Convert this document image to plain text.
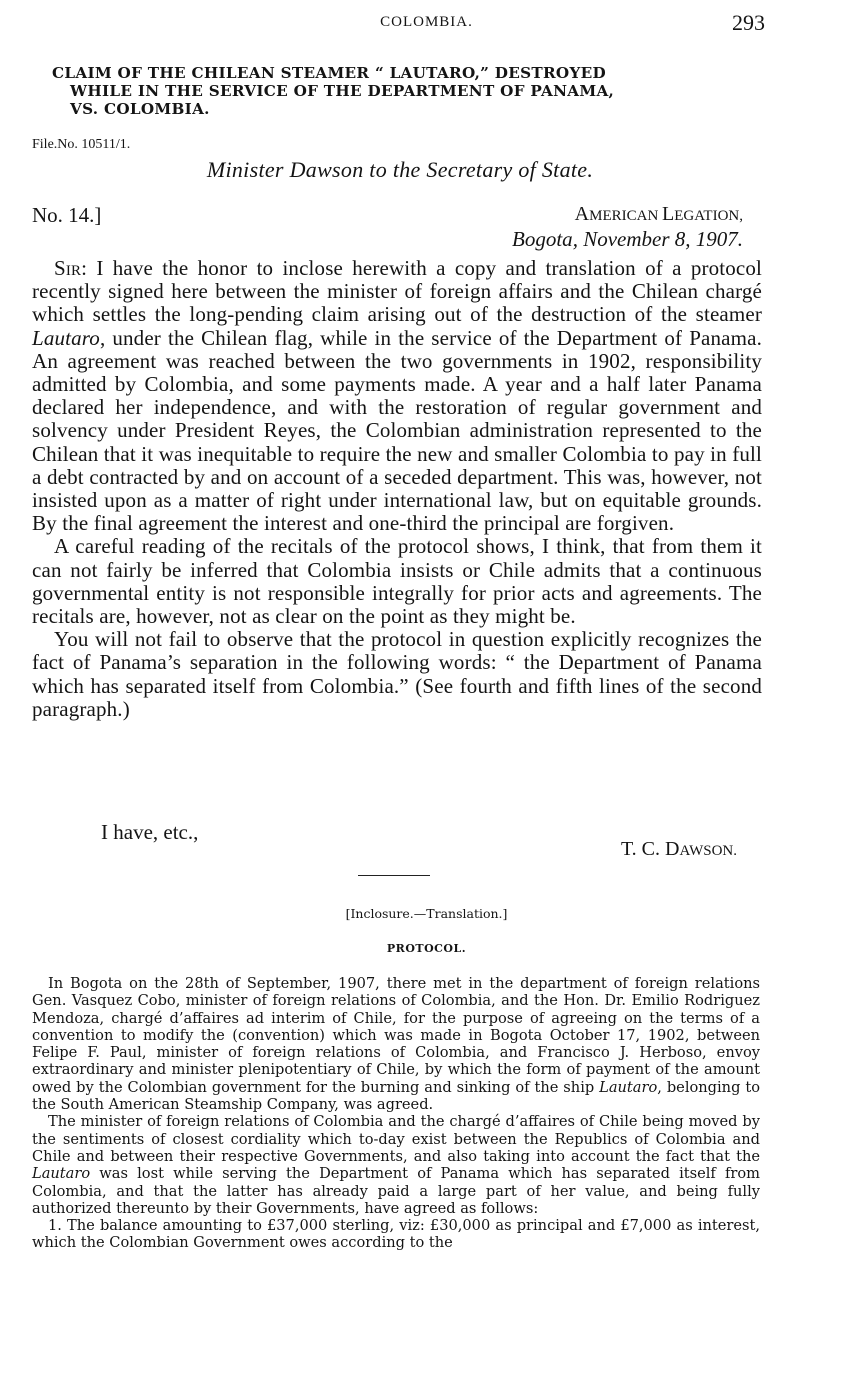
COLOMBIA.	293
CLAIM OF THE CHILEAN STEAMER “ LAUTARO,” DESTROYED
WHILE IN THE SERVICE OF THE DEPARTMENT OF PANAMA,
VS. COLOMBIA.
File.No. 10511/1.
Minister Dawson to the Secretary of State.
No. 14.]	AMERICAN LEGATION,
Bogota, November 8, 1907.

Sir: I have the honor to inclose herewith a copy and translation of a protocol recently signed here between the minister of foreign affairs and the Chilean chargé which settles the long-pending claim arising out of the destruction of the steamer Lautaro, under the Chilean flag, while in the service of the Department of Panama. An agreement was reached between the two governments in 1902, responsibility admitted by Colombia, and some payments made. A year and a half later Panama declared her independence, and with the restoration of regular government and solvency under President Reyes, the Colombian administration represented to the Chilean that it was inequitable to require the new and smaller Colombia to pay in full a debt contracted by and on account of a seceded department. This was, however, not insisted upon as a matter of right under international law, but on equitable grounds. By the final agreement the interest and one-third the principal are forgiven.

A careful reading of the recitals of the protocol shows, I think, that from them it can not fairly be inferred that Colombia insists or Chile admits that a continuous governmental entity is not responsible integrally for prior acts and agreements. The recitals are, however, not as clear on the point as they might be.

You will not fail to observe that the protocol in question explicitly recognizes the fact of Panama’s separation in the following words: “ the Department of Panama which has separated itself from Colombia.” (See fourth and fifth lines of the second paragraph.)

I have, etc.,
T. C. DAWSON.
[Inclosure.—Translation.]
PROTOCOL.

In Bogota on the 28th of September, 1907, there met in the department of foreign relations Gen. Vasquez Cobo, minister of foreign relations of Colombia, and the Hon. Dr. Emilio Rodriguez Mendoza, chargé d’affaires ad interim of Chile, for the purpose of agreeing on the terms of a convention to modify the (convention) which was made in Bogota October 17, 1902, between Felipe F. Paul, minister of foreign relations of Colombia, and Francisco J. Herboso, envoy extraordinary and minister plenipotentiary of Chile, by which the form of payment of the amount owed by the Colombian government for the burning and sinking of the ship Lautaro, belonging to the South American Steamship Company, was agreed.

The minister of foreign relations of Colombia and the chargé d’affaires of Chile being moved by the sentiments of closest cordiality which to-day exist between the Republics of Colombia and Chile and between their respective Governments, and also taking into account the fact that the Lautaro was lost while serving the Department of Panama which has separated itself from Colombia, and that the latter has already paid a large part of her value, and being fully authorized thereunto by their Governments, have agreed as follows:

1. The balance amounting to £37,000 sterling, viz: £30,000 as principal and £7,000 as interest, which the Colombian Government owes according to the
